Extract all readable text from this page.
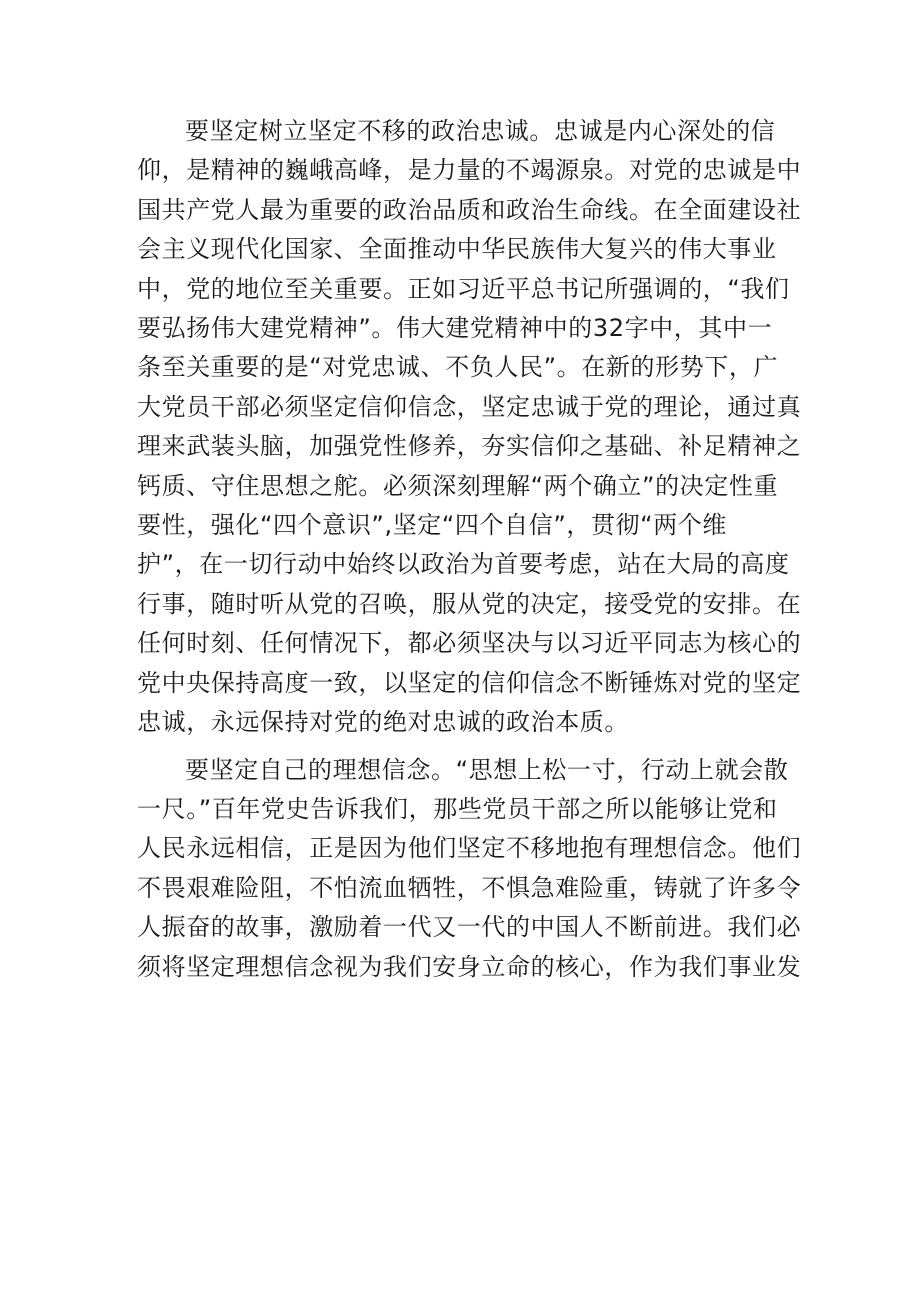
要坚定树立坚定不移的政治忠诚。忠诚是内心深处的信
仰，是精神的巍峨高峰，是力量的不竭源泉。对党的忠诚是中
国共产党人最为重要的政治品质和政治生命线。在全面建设社
会主义现代化国家、全面推动中华民族伟大复兴的伟大事业
中，党的地位至关重要。正如习近平总书记所强调的，“我们
要弘扬伟大建党精神”。伟大建党精神中的32字中，其中一
条至关重要的是“对党忠诚、不负人民”。在新的形势下，广
大党员干部必须坚定信仰信念，坚定忠诚于党的理论，通过真
理来武装头脑，加强党性修养，夯实信仰之基础、补足精神之
钙质、守住思想之舵。必须深刻理解“两个确立”的决定性重
要性，强化“四个意识”,坚定“四个自信”，贯彻“两个维
护”，在一切行动中始终以政治为首要考虑，站在大局的高度
行事，随时听从党的召唤，服从党的决定，接受党的安排。在
任何时刻、任何情况下，都必须坚决与以习近平同志为核心的
党中央保持高度一致，以坚定的信仰信念不断锤炼对党的坚定
忠诚，永远保持对党的绝对忠诚的政治本质。
要坚定自己的理想信念。“思想上松一寸，行动上就会散
一尺。”百年党史告诉我们，那些党员干部之所以能够让党和
人民永远相信，正是因为他们坚定不移地抱有理想信念。他们
不畏艰难险阻，不怕流血牺牲，不惧急难险重，铸就了许多令
人振奋的故事，激励着一代又一代的中国人不断前进。我们必
须将坚定理想信念视为我们安身立命的核心，作为我们事业发
